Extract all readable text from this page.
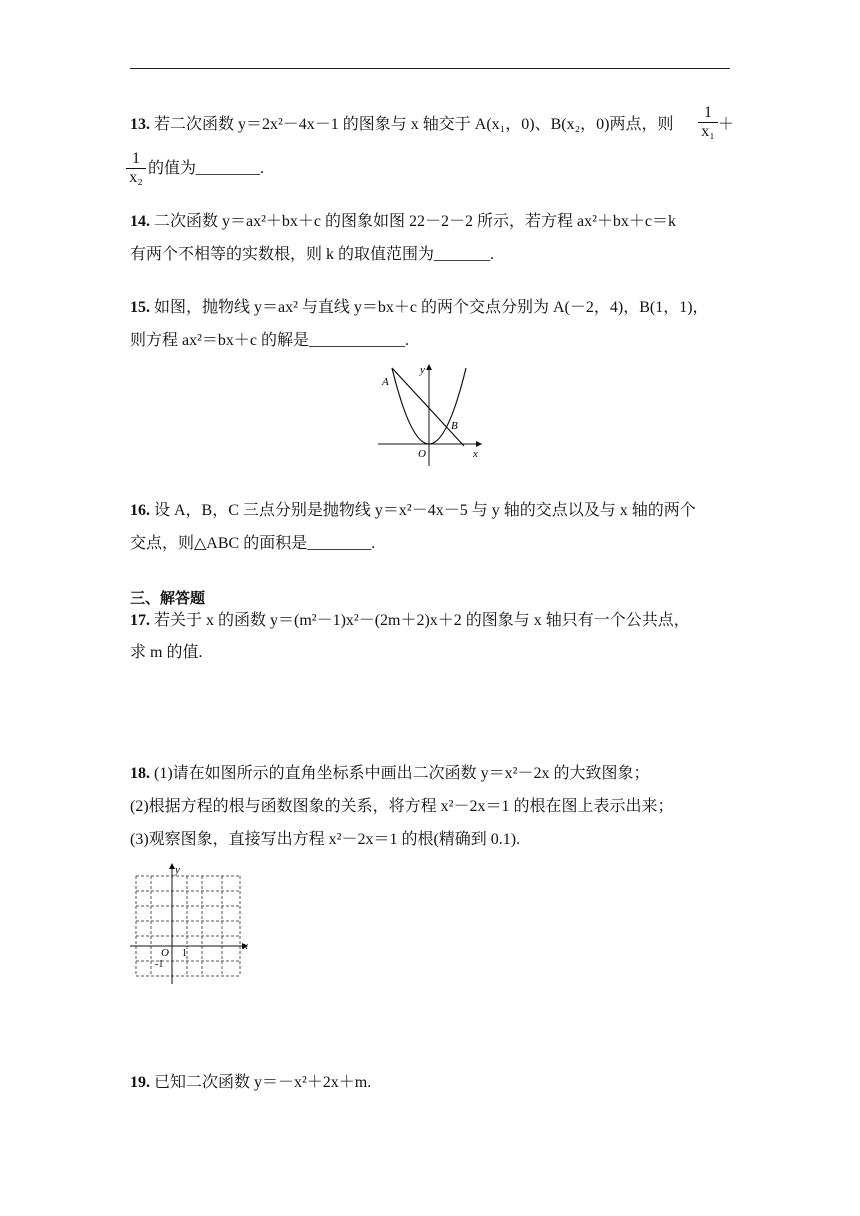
13. 若二次函数 y＝2x²－4x－1 的图象与 x 轴交于 A(x₁，0)、B(x₂，0)两点，则 $\frac{1}{\text{x₁}}$ ＋
$\frac{1}{\text{x₂}}$ 的值为________.
14. 二次函数 y＝ax²＋bx＋c 的图象如图 22－2－2 所示，若方程 ax²＋bx＋c＝k
有两个不相等的实数根，则 k 的取值范围为_______.
15. 如图，抛物线 y＝ax² 与直线 y＝bx＋c 的两个交点分别为 A(－2，4)，B(1，1)，
则方程 ax²＝bx＋c 的解是____________.
A
B
O	x
y
16. 设 A，B，C 三点分别是抛物线 y＝x²－4x－5 与 y 轴的交点以及与 x 轴的两个
交点，则△ABC 的面积是________.
三、解答题
17. 若关于 x 的函数 y＝(m²－1)x²－(2m＋2)x＋2 的图象与 x 轴只有一个公共点，
求 m 的值.
18. (1)请在如图所示的直角坐标系中画出二次函数 y＝x²－2x 的大致图象；
(2)根据方程的根与函数图象的关系，将方程 x²－2x＝1 的根在图上表示出来；
(3)观察图象，直接写出方程 x²－2x＝1 的根(精确到 0.1).
y
x
O 1
-1
19. 已知二次函数 y＝－x²＋2x＋m.
